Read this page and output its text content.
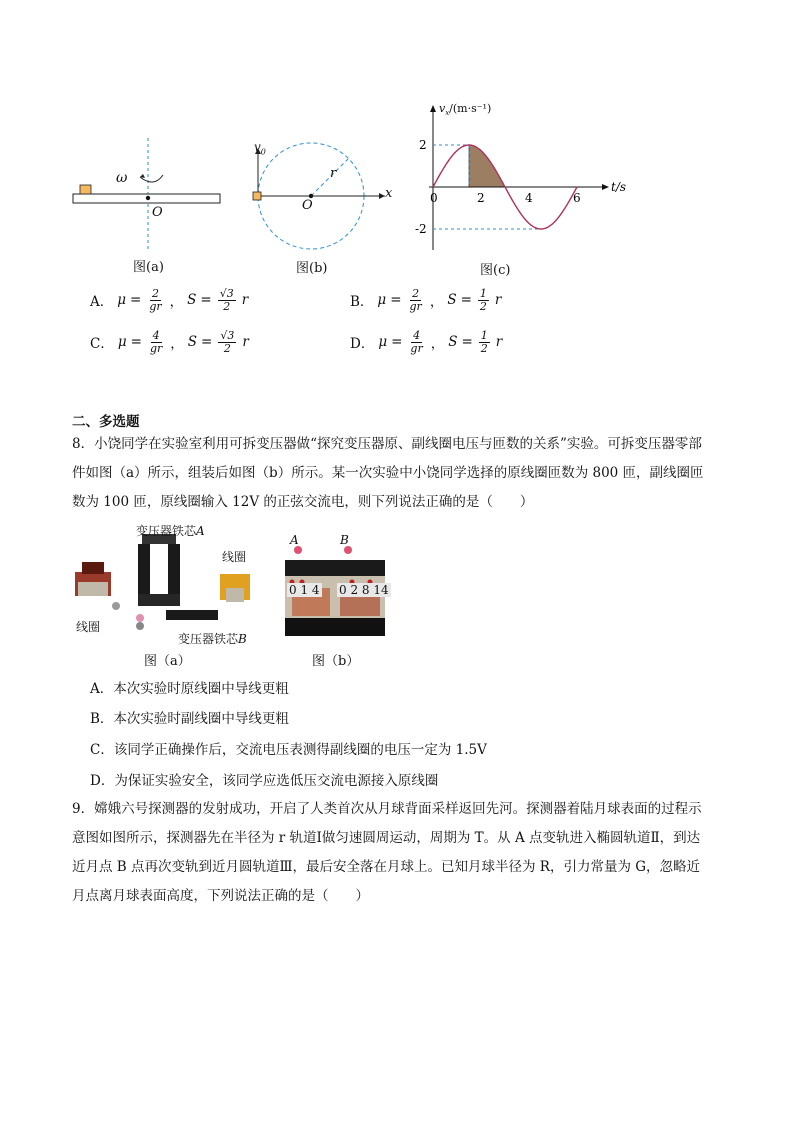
ω
O
图(a)
$v_0$
r
O
x
图(b)
2
-2
0	2	4	6
t/s
$v_x/(m\cdot s^{-1})$
图(c)
A． $\mu = \frac{2}{gr}$ ， $S = \frac{√3}{2}$ r	B． $\mu = \frac{2}{gr}$ ， $S = \frac{1}{2}$ r
C． $\mu = \frac{4}{gr}$ ， $S = \frac{√3}{2}$ r	D． $\mu = \frac{4}{gr}$ ， $S = \frac{1}{2}$ r
二、多选题
8．小饶同学在实验室利用可拆变压器做“探究变压器原、副线圈电压与匝数的关系”实验。可拆变压器零部
件如图（a）所示，组装后如图（b）所示。某一次实验中小饶同学选择的原线圈匝数为 800 匝，副线圈匝
数为 100 匝，原线圈输入 12V 的正弦交流电，则下列说法正确的是（　　）
变压器铁芯A
线圈
线圈
变压器铁芯B
A	B
0 1 4 0 2 8 14
图（a）	图（b）
A．本次实验时原线圈中导线更粗
B．本次实验时副线圈中导线更粗
C．该同学正确操作后，交流电压表测得副线圈的电压一定为 1.5V
D．为保证实验安全，该同学应选低压交流电源接入原线圈
9．嫦娥六号探测器的发射成功，开启了人类首次从月球背面采样返回先河。探测器着陆月球表面的过程示
意图如图所示，探测器先在半径为 r 轨道Ⅰ做匀速圆周运动，周期为 T。从 A 点变轨进入椭圆轨道Ⅱ，到达
近月点 B 点再次变轨到近月圆轨道Ⅲ，最后安全落在月球上。已知月球半径为 R，引力常量为 G，忽略近
月点离月球表面高度，下列说法正确的是（　　）
